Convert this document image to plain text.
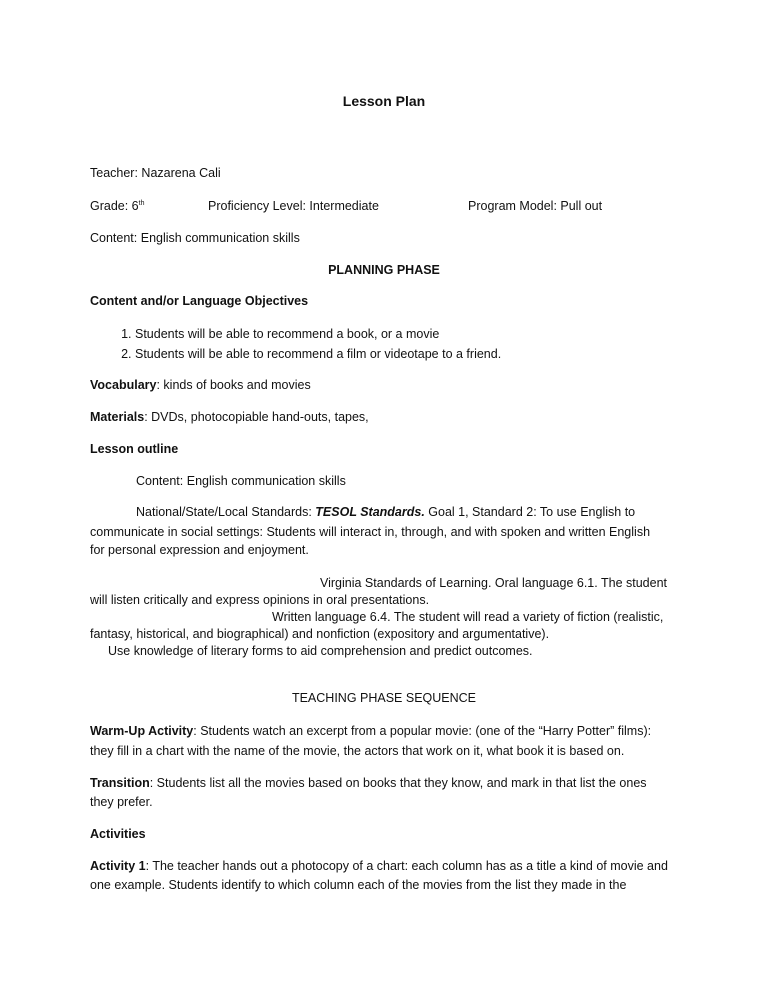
Lesson Plan
Teacher: Nazarena Cali
Grade: 6th	Proficiency Level: Intermediate	Program Model: Pull out
Content: English communication skills
PLANNING PHASE
Content and/or Language Objectives
1. Students will be able to recommend a book, or a movie
2. Students will be able to recommend a film or videotape to a friend.
Vocabulary: kinds of books and movies
Materials: DVDs, photocopiable hand-outs, tapes,
Lesson outline
Content: English communication skills
National/State/Local Standards: TESOL Standards. Goal 1, Standard 2: To use English to
communicate in social settings: Students will interact in, through, and with spoken and written English
for personal expression and enjoyment.
Virginia Standards of Learning. Oral language 6.1. The student
will listen critically and express opinions in oral presentations.
Written language 6.4. The student will read a variety of fiction (realistic,
fantasy, historical, and biographical) and nonfiction (expository and argumentative).
Use knowledge of literary forms to aid comprehension and predict outcomes.
TEACHING PHASE SEQUENCE
Warm-Up Activity: Students watch an excerpt from a popular movie: (one of the “Harry Potter” films):
they fill in a chart with the name of the movie, the actors that work on it, what book it is based on.
Transition: Students list all the movies based on books that they know, and mark in that list the ones
they prefer.
Activities
Activity 1: The teacher hands out a photocopy of a chart: each column has as a title a kind of movie and
one example. Students identify to which column each of the movies from the list they made in the
